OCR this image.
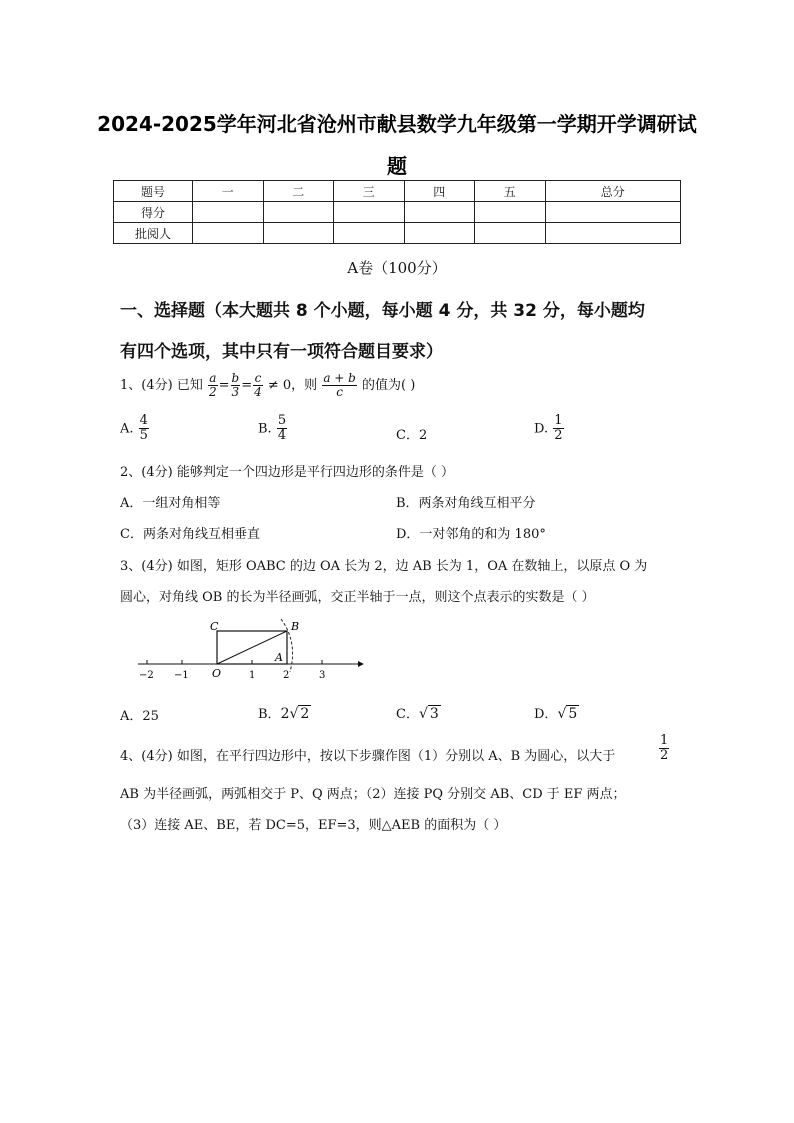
2024-2025学年河北省沧州市献县数学九年级第一学期开学调研试
题
题号	一	二	三	四	五	总分
得分						
批阅人						
A卷（100分）
一、选择题（本大题共 8 个小题，每小题 4 分，共 32 分，每小题均
有四个选项，其中只有一项符合题目要求）
1、(4分) 已知 $\frac{a}{2} = \frac{b}{3} = \frac{c}{4} \ne 0$，则 $\frac{a + b}{c}$ 的值为( )
A. $\frac{4}{5}$	B. $\frac{5}{4}$	C．2	D. $\frac{1}{2}$
2、(4分) 能够判定一个四边形是平行四边形的条件是（ ）
A．一组对角相等	B．两条对角线互相平分
C．两条对角线互相垂直	D．一对邻角的和为 180°
3、(4分) 如图，矩形 OABC 的边 OA 长为 2，边 AB 长为 1，OA 在数轴上，以原点 O 为
圆心，对角线 OB 的长为半径画弧，交正半轴于一点，则这个点表示的实数是（ ）
C	B
A
O
−2 −1	1	2	3
A．25	B．2√ 2	C．√ 3	D．√ 5
4、(4分) 如图，在平行四边形中，按以下步骤作图（1）分别以 A、B 为圆心，以大于	$\frac{1}{2}$
AB 为半径画弧，两弧相交于 P、Q 两点；（2）连接 PQ 分别交 AB、CD 于 EF 两点；
（3）连接 AE、BE，若 DC=5，EF=3，则△AEB 的面积为（ ）
